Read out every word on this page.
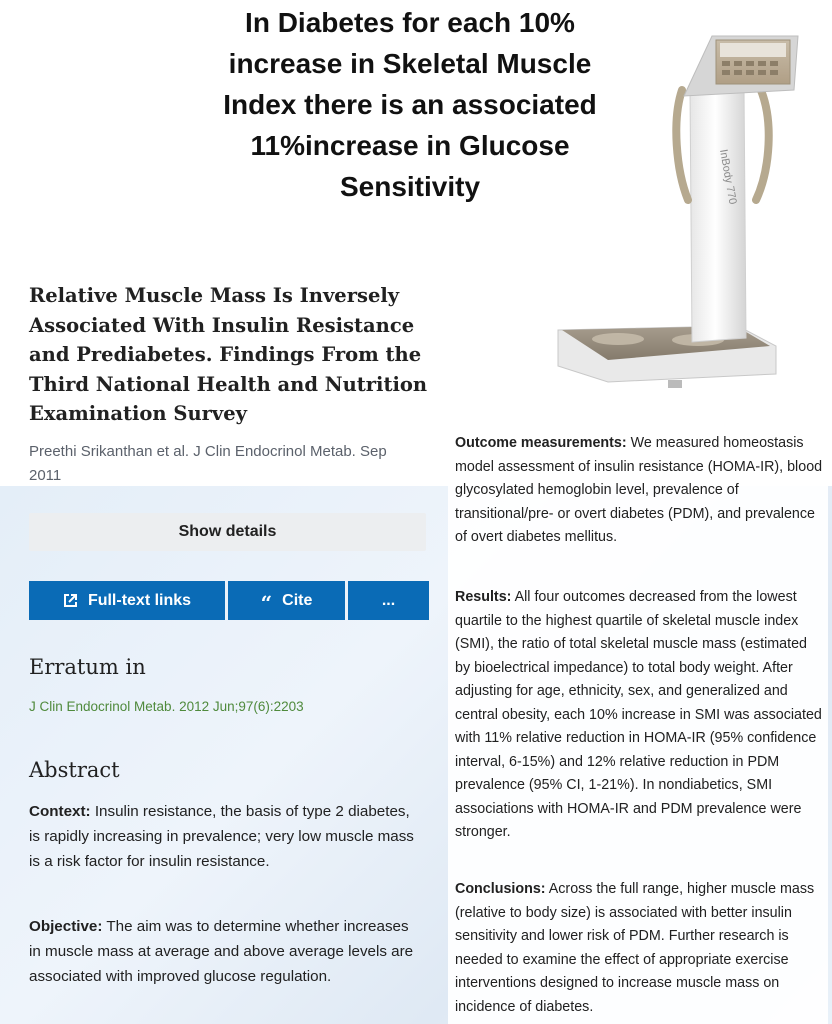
In Diabetes for each 10% increase in Skeletal Muscle Index there is an associated 11%increase in Glucose Sensitivity	InBody 770
Relative Muscle Mass Is Inversely Associated With Insulin Resistance and Prediabetes. Findings From the Third National Health and Nutrition Examination Survey
Preethi Srikanthan et al. J Clin Endocrinol Metab. Sep 2011
Show details
Full-text links	“ Cite	...
Erratum in
J Clin Endocrinol Metab. 2012 Jun;97(6):2203
Abstract
Context: Insulin resistance, the basis of type 2 diabetes, is rapidly increasing in prevalence; very low muscle mass is a risk factor for insulin resistance.
Objective: The aim was to determine whether increases in muscle mass at average and above average levels are associated with improved glucose regulation.
Outcome measurements: We measured homeostasis model assessment of insulin resistance (HOMA-IR), blood glycosylated hemoglobin level, prevalence of transitional/pre- or overt diabetes (PDM), and prevalence of overt diabetes mellitus.
Results: All four outcomes decreased from the lowest quartile to the highest quartile of skeletal muscle index (SMI), the ratio of total skeletal muscle mass (estimated by bioelectrical impedance) to total body weight. After adjusting for age, ethnicity, sex, and generalized and central obesity, each 10% increase in SMI was associated with 11% relative reduction in HOMA-IR (95% confidence interval, 6-15%) and 12% relative reduction in PDM prevalence (95% CI, 1-21%). In nondiabetics, SMI associations with HOMA-IR and PDM prevalence were stronger.
Conclusions: Across the full range, higher muscle mass (relative to body size) is associated with better insulin sensitivity and lower risk of PDM. Further research is needed to examine the effect of appropriate exercise interventions designed to increase muscle mass on incidence of diabetes.
